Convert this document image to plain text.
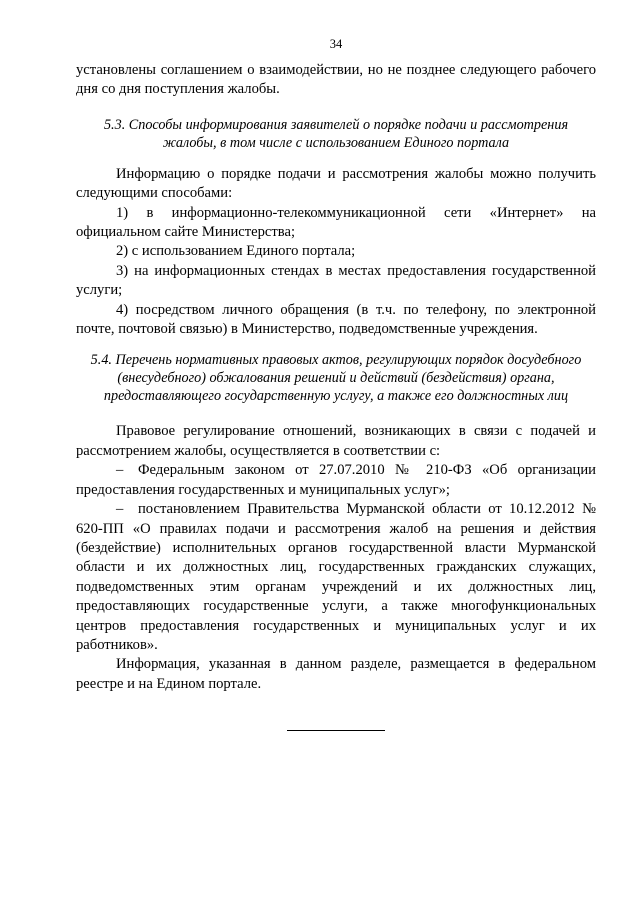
34

установлены соглашением о взаимодействии, но не позднее следующего рабочего дня со дня поступления жалобы.

5.3. Способы информирования заявителей о порядке подачи и рассмотрения жалобы, в том числе с использованием Единого портала

Информацию о порядке подачи и рассмотрения жалобы можно получить следующими способами:

1) в информационно-телекоммуникационной сети «Интернет» на официальном сайте Министерства;

2) с использованием Единого портала;

3) на информационных стендах в местах предоставления государственной услуги;

4) посредством личного обращения (в т.ч. по телефону, по электронной почте, почтовой связью) в Министерство, подведомственные учреждения.

5.4. Перечень нормативных правовых актов, регулирующих порядок досудебного (внесудебного) обжалования решений и действий (бездействия) органа, предоставляющего государственную услугу, а также его должностных лиц

Правовое регулирование отношений, возникающих в связи с подачей и рассмотрением жалобы, осуществляется в соответствии с:

– Федеральным законом от 27.07.2010 № 210-ФЗ «Об организации предоставления государственных и муниципальных услуг»;

– постановлением Правительства Мурманской области от 10.12.2012 № 620-ПП «О правилах подачи и рассмотрения жалоб на решения и действия (бездействие) исполнительных органов государственной власти Мурманской области и их должностных лиц, государственных гражданских служащих, подведомственных этим органам учреждений и их должностных лиц, предоставляющих государственные услуги, а также многофункциональных центров предоставления государственных и муниципальных услуг и их работников».

Информация, указанная в данном разделе, размещается в федеральном реестре и на Едином портале.
